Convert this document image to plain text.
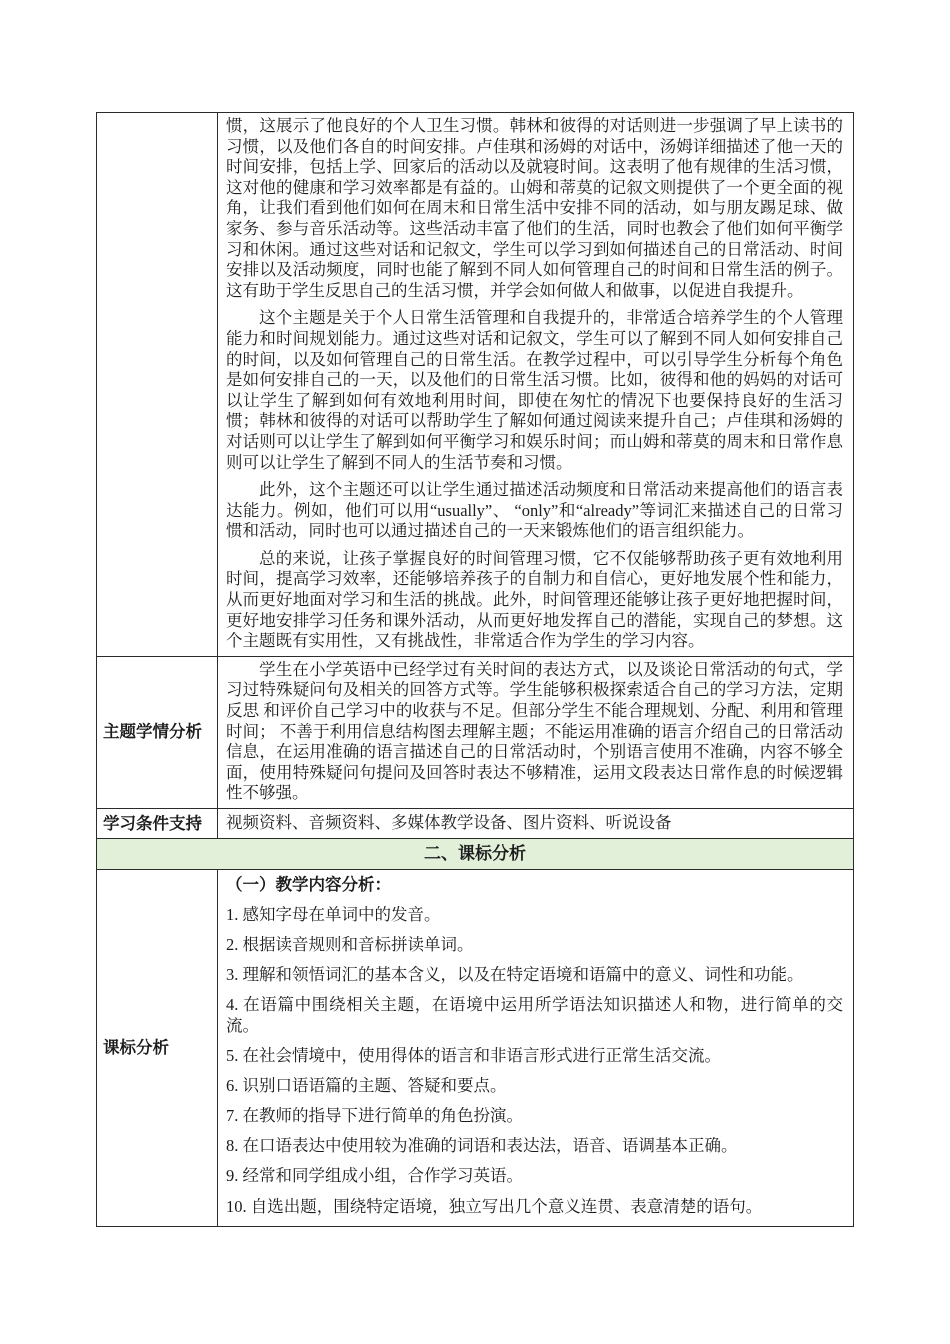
惯，这展示了他良好的个人卫生习惯。韩林和彼得的对话则进一步强调了早上读书的习惯，以及他们各自的时间安排。卢佳琪和汤姆的对话中，汤姆详细描述了他一天的时间安排，包括上学、回家后的活动以及就寝时间。这表明了他有规律的生活习惯，这对他的健康和学习效率都是有益的。山姆和蒂莫的记叙文则提供了一个更全面的视角，让我们看到他们如何在周末和日常生活中安排不同的活动，如与朋友踢足球、做家务、参与音乐活动等。这些活动丰富了他们的生活，同时也教会了他们如何平衡学习和休闲。通过这些对话和记叙文，学生可以学习到如何描述自己的日常活动、时间安排以及活动频度，同时也能了解到不同人如何管理自己的时间和日常生活的例子。这有助于学生反思自己的生活习惯，并学会如何做人和做事，以促进自我提升。

这个主题是关于个人日常生活管理和自我提升的，非常适合培养学生的个人管理能力和时间规划能力。通过这些对话和记叙文，学生可以了解到不同人如何安排自己的时间，以及如何管理自己的日常生活。在教学过程中，可以引导学生分析每个角色是如何安排自己的一天，以及他们的日常生活习惯。比如，彼得和他的妈妈的对话可以让学生了解到如何有效地利用时间，即使在匆忙的情况下也要保持良好的生活习惯；韩林和彼得的对话可以帮助学生了解如何通过阅读来提升自己；卢佳琪和汤姆的对话则可以让学生了解到如何平衡学习和娱乐时间；而山姆和蒂莫的周末和日常作息则可以让学生了解到不同人的生活节奏和习惯。

此外，这个主题还可以让学生通过描述活动频度和日常活动来提高他们的语言表达能力。例如，他们可以用“usually”、 “only”和“already”等词汇来描述自己的日常习惯和活动，同时也可以通过描述自己的一天来锻炼他们的语言组织能力。

总的来说，让孩子掌握良好的时间管理习惯，它不仅能够帮助孩子更有效地利用时间，提高学习效率，还能够培养孩子的自制力和自信心，更好地发展个性和能力，从而更好地面对学习和生活的挑战。此外，时间管理还能够让孩子更好地把握时间，更好地安排学习任务和课外活动，从而更好地发挥自己的潜能，实现自己的梦想。这个主题既有实用性，又有挑战性，非常适合作为学生的学习内容。

主题学情分析

学生在小学英语中已经学过有关时间的表达方式，以及谈论日常活动的句式，学习过特殊疑问句及相关的回答方式等。学生能够积极探索适合自己的学习方法，定期反思 和评价自己学习中的收获与不足。但部分学生不能合理规划、分配、利用和管理时间； 不善于利用信息结构图去理解主题；不能运用准确的语言介绍自己的日常活动信息，在运用准确的语言描述自己的日常活动时，个别语言使用不准确，内容不够全面，使用特殊疑问句提问及回答时表达不够精准，运用文段表达日常作息的时候逻辑性不够强。

学习条件支持	视频资料、音频资料、多媒体教学设备、图片资料、听说设备
二、课标分析
课标分析

（一）教学内容分析：

1. 感知字母在单词中的发音。

2. 根据读音规则和音标拼读单词。

3. 理解和领悟词汇的基本含义，以及在特定语境和语篇中的意义、词性和功能。

4. 在语篇中围绕相关主题，在语境中运用所学语法知识描述人和物，进行简单的交流。

5. 在社会情境中，使用得体的语言和非语言形式进行正常生活交流。

6. 识别口语语篇的主题、答疑和要点。

7. 在教师的指导下进行简单的角色扮演。

8. 在口语表达中使用较为准确的词语和表达法，语音、语调基本正确。

9. 经常和同学组成小组，合作学习英语。

10. 自选出题，围绕特定语境，独立写出几个意义连贯、表意清楚的语句。
